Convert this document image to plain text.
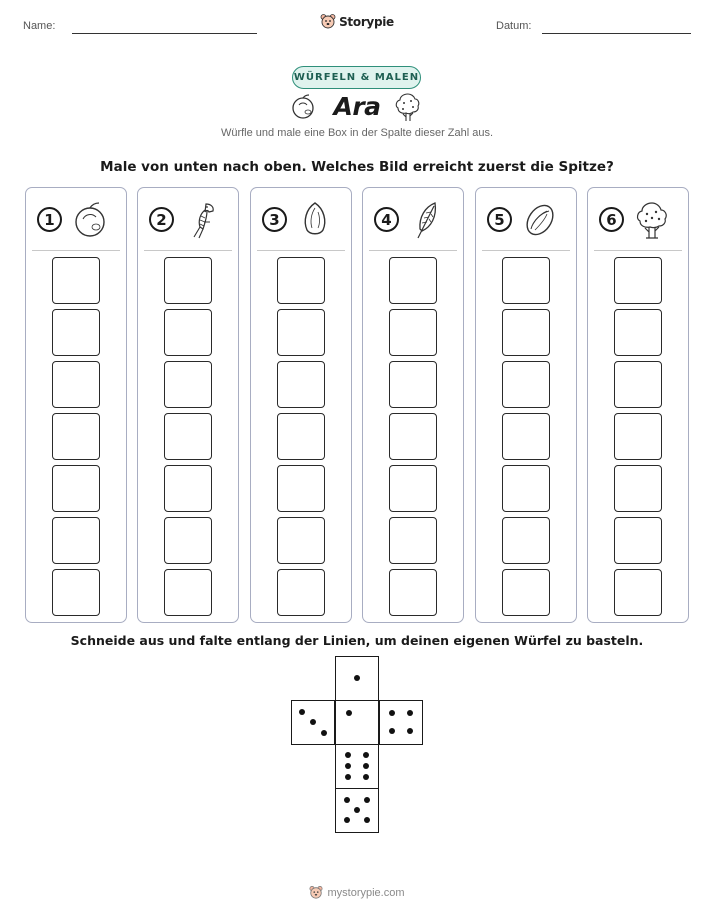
Name:	Datum:
Storypie
WÜRFELN & MALEN
Ara
Würfle und male eine Box in der Spalte dieser Zahl aus.
Male von unten nach oben. Welches Bild erreicht zuerst die Spitze?
1	2	3	4	5	6
Schneide aus und falte entlang der Linien, um deinen eigenen Würfel zu basteln.
mystorypie.com
